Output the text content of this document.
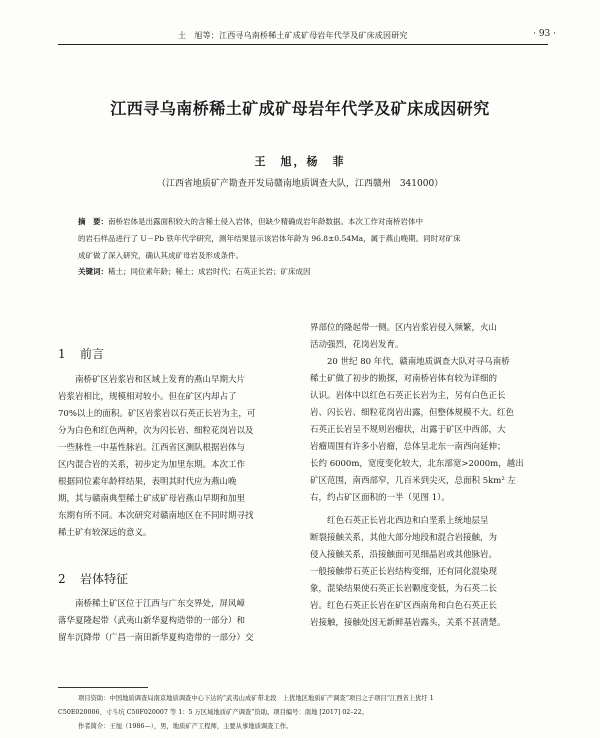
土　旭等：江西寻乌南桥稀土矿成矿母岩年代学及矿床成因研究	· 93 ·
江西寻乌南桥稀土矿成矿母岩年代学及矿床成因研究
王　旭，杨　菲
（江西省地质矿产勘查开发局赣南地质调查大队，江西赣州　341000）
摘　要：南桥岩体是出露面积较大的含稀土侵入岩体，但缺少精确成岩年龄数据。本次工作对南桥岩体中
的岩石样品进行了 U－Pb 铁年代学研究，测年结果显示该岩体年龄为 96.8±0.54Ma，属于燕山晚期。同时对矿床
成矿做了深入研究，确认其成矿母岩及形成条件。
关键词：稀土；同位素年龄；稀土；成岩时代；石英正长岩；矿床成因
1 前言

南桥矿区岩浆岩和区域上发育的燕山早期大片

岩浆岩相比，规模相对较小。但在矿区内却占了

70%以上的面积。矿区岩浆岩以石英正长岩为主，可

分为白色和红色两种，次为闪长岩、细粒花岗岩以及

一些脉性一中基性脉岩。江西省区测队根据岩体与

区内混合岩的关系，初步定为加里东期。本次工作

根据同位素年龄样结果，表明其时代应为燕山晚

期，其与赣南典型稀土矿成矿母岩燕山早期和加里

东期有所不同。本次研究对赣南地区在不同时期寻找

稀土矿有较深远的意义。

2 岩体特征

南桥稀土矿区位于江西与广东交界处，屏风嶂

落华夏隆起带（武夷山新华夏构造带的一部分）和

留车沉降带（广昌一南田新华夏构造带的一部分）交

界部位的隆起带一侧。区内岩浆岩侵入频繁，火山

活动强烈，花岗岩发育。

20 世纪 80 年代，赣南地质调查大队对寻乌南桥

稀土矿做了初步的勘探，对南桥岩体有较为详细的

认识。岩体中以红色石英正长岩为主，另有白色正长

岩、闪长岩、细粒花岗岩出露，但整体规模不大。红色

石英正长岩呈不规则岩瘤状，出露于矿区中西部，大

岩瘤周围有许多小岩瘤，总体呈北东一南西向延伸；

长约 6000m，宽度变化较大，北东部宽>2000m，越出

矿区范围，南西部窄，几百米到尖灭，总面积 5km² 左

右，约占矿区面积的一半（见图 1）。

红色石英正长岩北西边和白垩系上统地层呈

断裂接触关系，其他大部分地段和混合岩接触，为

侵入接触关系，沿接触面可见细晶岩或其他脉岩。

一般接触带石英正长岩结构变细，还有同化混染现

象，混染结果使石英正长岩颗度变低，为石英二长

岩。红色石英正长岩在矿区西南角和白色石英正长

岩接触，接触处因无新鲜基岩露头，关系不甚清楚。

项目资助：中国地质调查局南京地质调查中心下达的“武夷山成矿带北段　上犹地区地质矿产调查”项目之子项目“江西省上犹圩 1
C50E020006、寸斗坑 C50F020007 等 1：5 万区域地质矿产调查”资助。项目编号：南地 [2017] 02–22。
作者简介：王旭（1986—），男，地质矿产工程师，主要从事地质调查工作。
